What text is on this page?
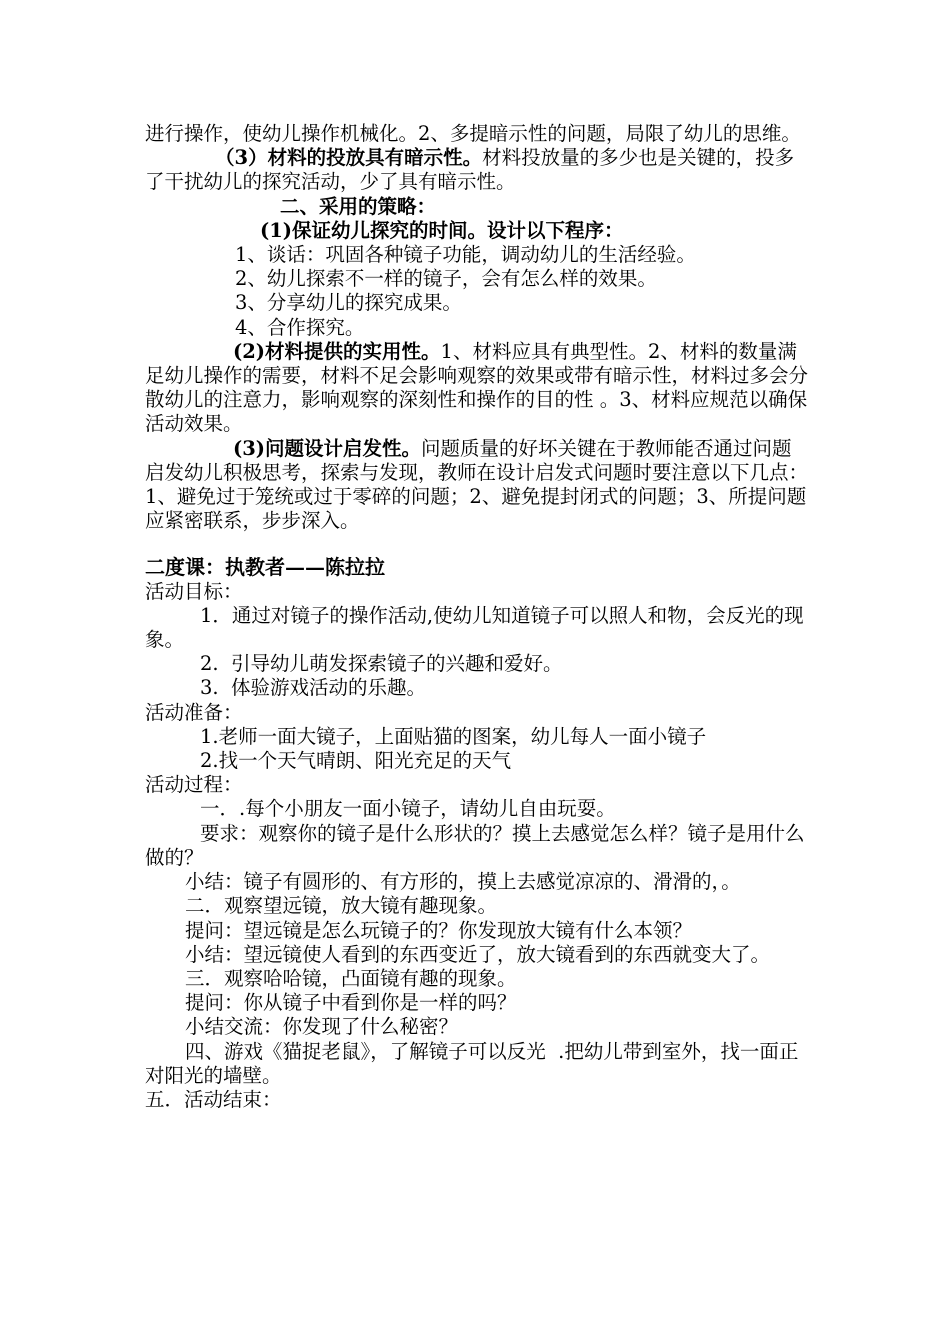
进行操作，使幼儿操作机械化。2、多提暗示性的问题，局限了幼儿的思维。

（3）材料的投放具有暗示性。材料投放量的多少也是关键的，投多了干扰幼儿的探究活动，少了具有暗示性。

二、采用的策略：

(1)保证幼儿探究的时间。设计以下程序：

1、谈话：巩固各种镜子功能，调动幼儿的生活经验。

2、幼儿探索不一样的镜子，会有怎么样的效果。

3、分享幼儿的探究成果。

4、合作探究。

(2)材料提供的实用性。1、材料应具有典型性。2、材料的数量满足幼儿操作的需要，材料不足会影响观察的效果或带有暗示性，材料过多会分散幼儿的注意力，影响观察的深刻性和操作的目的性 。3、材料应规范以确保活动效果。

(3)问题设计启发性。问题质量的好坏关键在于教师能否通过问题启发幼儿积极思考，探索与发现，教师在设计启发式问题时要注意以下几点：1、避免过于笼统或过于零碎的问题；2、避免提封闭式的问题；3、所提问题应紧密联系，步步深入。

二度课：执教者——陈拉拉

活动目标：

1．通过对镜子的操作活动,使幼儿知道镜子可以照人和物，会反光的现象。

2.  引导幼儿萌发探索镜子的兴趣和爱好。

3.  体验游戏活动的乐趣。

活动准备：

1.老师一面大镜子，上面贴猫的图案，幼儿每人一面小镜子

2.找一个天气晴朗、阳光充足的天气

活动过程：

一．.每个小朋友一面小镜子，请幼儿自由玩耍。

要求：观察你的镜子是什么形状的？摸上去感觉怎么样？镜子是用什么做的？

小结：镜子有圆形的、有方形的，摸上去感觉凉凉的、滑滑的，。

二．观察望远镜，放大镜有趣现象。

提问：望远镜是怎么玩镜子的？你发现放大镜有什么本领？

小结：望远镜使人看到的东西变近了，放大镜看到的东西就变大了。

三．观察哈哈镜，凸面镜有趣的现象。

提问：你从镜子中看到你是一样的吗？

小结交流：你发现了什么秘密？

四、游戏《猫捉老鼠》，了解镜子可以反光  .把幼儿带到室外，找一面正对阳光的墙壁。

五．活动结束：
